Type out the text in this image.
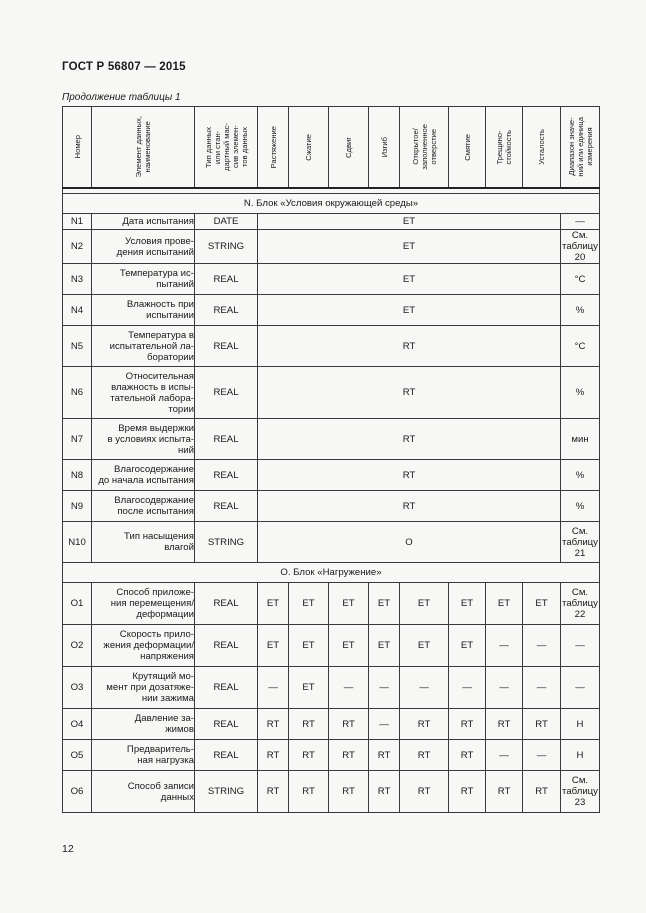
ГОСТ Р 56807 — 2015
Продолжение таблицы 1
Номер	Элемент данных,
наименование	Тип данных
или стан-
дартный мас-
сив элемен-
тов данных	Растяжение	Сжатие	Сдвиг	Изгиб	Открытое/
заполненное
отверстие	Смятие	Трещино-
стойкость	Усталость	Диапазон значе-
ний или единица
измерения

N. Блок «Условия окружающей среды»											
N1	Дата испытания	DATE	ET								—
N2	Условия прове-
дения испытаний	STRING	ET								См.
таблицу
20
N3	Температура ис-
пытаний	REAL	ET								°C
N4	Влажность при
испытании	REAL	ET								%
N5	Температура в
испытательной ла-
боратории	REAL	RT								°C
N6	Относительная
влажность в испы-
тательной лабора-
тории	REAL	RT								%
N7	Время выдержки
в условиях испыта-
ний	REAL	RT								мин
N8	Влагосодержание
до начала испытания	REAL	RT								%
N9	Влагосодвржание
после испытания	REAL	RT								%
N10	Тип насыщения
влагой	STRING	O								См.
таблицу
21
О. Блок «Нагружение»											
O1	Способ приложе-
ния перемещения/
деформации	REAL	ET	ET	ET	ET	ET	ET	ET	ET	См.
таблицу
22
O2	Скорость прило-
жения деформации/
напряжения	REAL	ET	ET	ET	ET	ET	ET	—	—	—
O3	Крутящий мо-
мент при дозатяже-
нии зажима	REAL	—	ET	—	—	—	—	—	—	—
O4	Давление за-
жимов	REAL	RT	RT	RT	—	RT	RT	RT	RT	Н
O5	Предваритель-
ная нагрузка	REAL	RT	RT	RT	RT	RT	RT	—	—	Н
O6	Способ записи
данных	STRING	RT	RT	RT	RT	RT	RT	RT	RT	См.
таблицу
23
12
